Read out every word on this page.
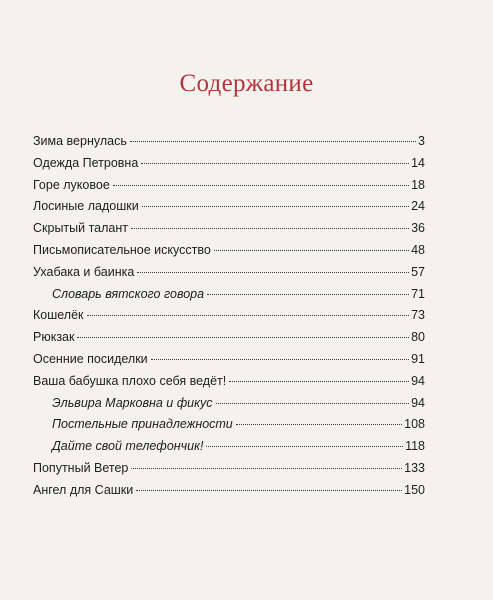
Содержание
Зима вернулась	3
Одежда Петровна	14
Горе луковое	18
Лосиные ладошки	24
Скрытый талант	36
Письмописательное искусство	48
Ухабака и баинка	57
Словарь вятского говора	71
Кошелёк	73
Рюкзак	80
Осенние посиделки	91
Ваша бабушка плохо себя ведёт!	94
Эльвира Марковна и фикус	94
Постельные принадлежности	108
Дайте свой телефончик!	118
Попутный Ветер	133
Ангел для Сашки	150
